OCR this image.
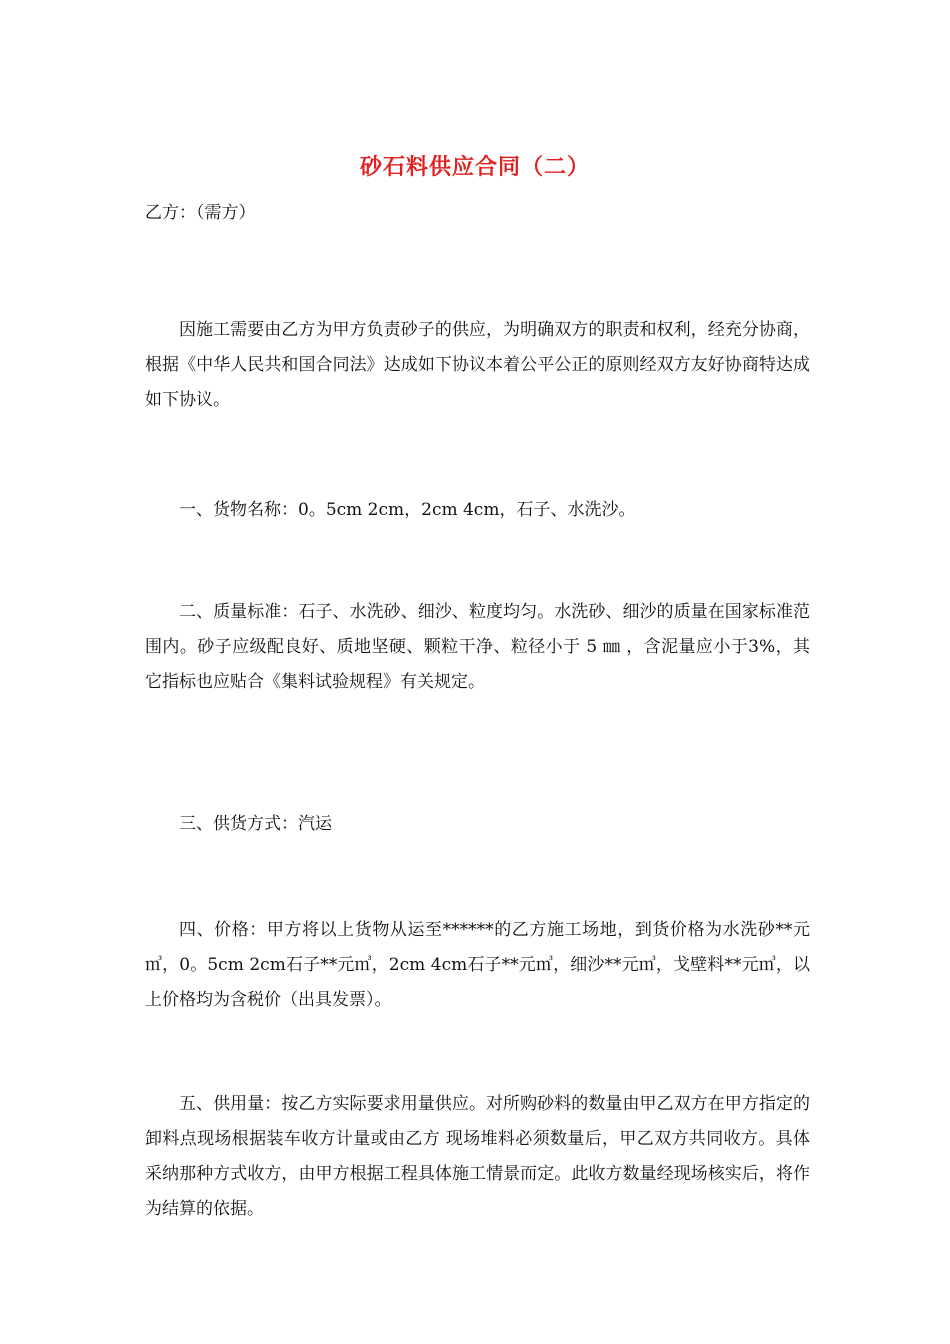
砂石料供应合同（二）
乙方：（需方）

因施工需要由乙方为甲方负责砂子的供应，为明确双方的职责和权利，经充分协商，根据《中华人民共和国合同法》达成如下协议本着公平公正的原则经双方友好协商特达成如下协议。

一、货物名称：0。5cm 2cm，2cm 4cm，石子、水洗沙。

二、质量标准：石子、水洗砂、细沙、粒度均匀。水洗砂、细沙的质量在国家标准范围内。砂子应级配良好、质地坚硬、颗粒干净、粒径小于 5 ㎜ ，含泥量应小于3%，其它指标也应贴合《集料试验规程》有关规定。

三、供货方式：汽运

四、价格：甲方将以上货物从运至******的乙方施工场地，到货价格为水洗砂**元㎥，0。5cm 2cm石子**元㎥，2cm 4cm石子**元㎥，细沙**元㎥，戈壁料**元㎥，以上价格均为含税价（出具发票）。

五、供用量：按乙方实际要求用量供应。对所购砂料的数量由甲乙双方在甲方指定的卸料点现场根据装车收方计量或由乙方 现场堆料必须数量后，甲乙双方共同收方。具体采纳那种方式收方，由甲方根据工程具体施工情景而定。此收方数量经现场核实后，将作为结算的依据。
